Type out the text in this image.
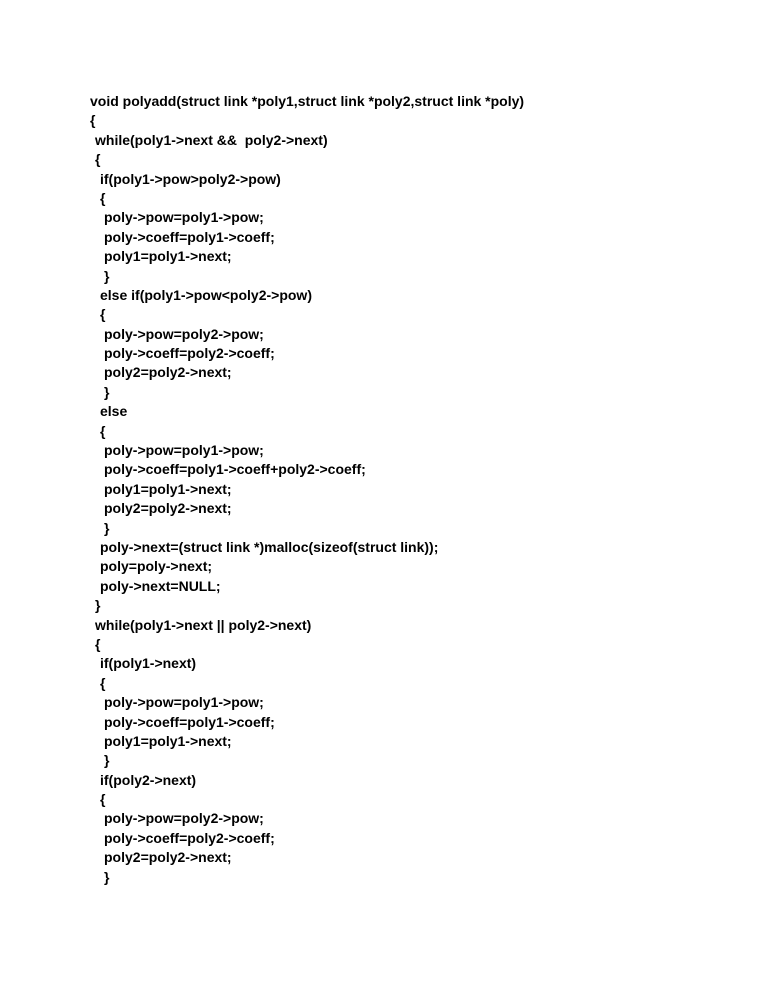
void polyadd(struct link *poly1,struct link *poly2,struct link *poly)
{
while(poly1->next &&  poly2->next)
{
if(poly1->pow>poly2->pow)
{
poly->pow=poly1->pow;
poly->coeff=poly1->coeff;
poly1=poly1->next;
}
else if(poly1->pow<poly2->pow)
{
poly->pow=poly2->pow;
poly->coeff=poly2->coeff;
poly2=poly2->next;
}
else
{
poly->pow=poly1->pow;
poly->coeff=poly1->coeff+poly2->coeff;
poly1=poly1->next;
poly2=poly2->next;
}
poly->next=(struct link *)malloc(sizeof(struct link));
poly=poly->next;
poly->next=NULL;
}
while(poly1->next || poly2->next)
{
if(poly1->next)
{
poly->pow=poly1->pow;
poly->coeff=poly1->coeff;
poly1=poly1->next;
}
if(poly2->next)
{
poly->pow=poly2->pow;
poly->coeff=poly2->coeff;
poly2=poly2->next;
}
